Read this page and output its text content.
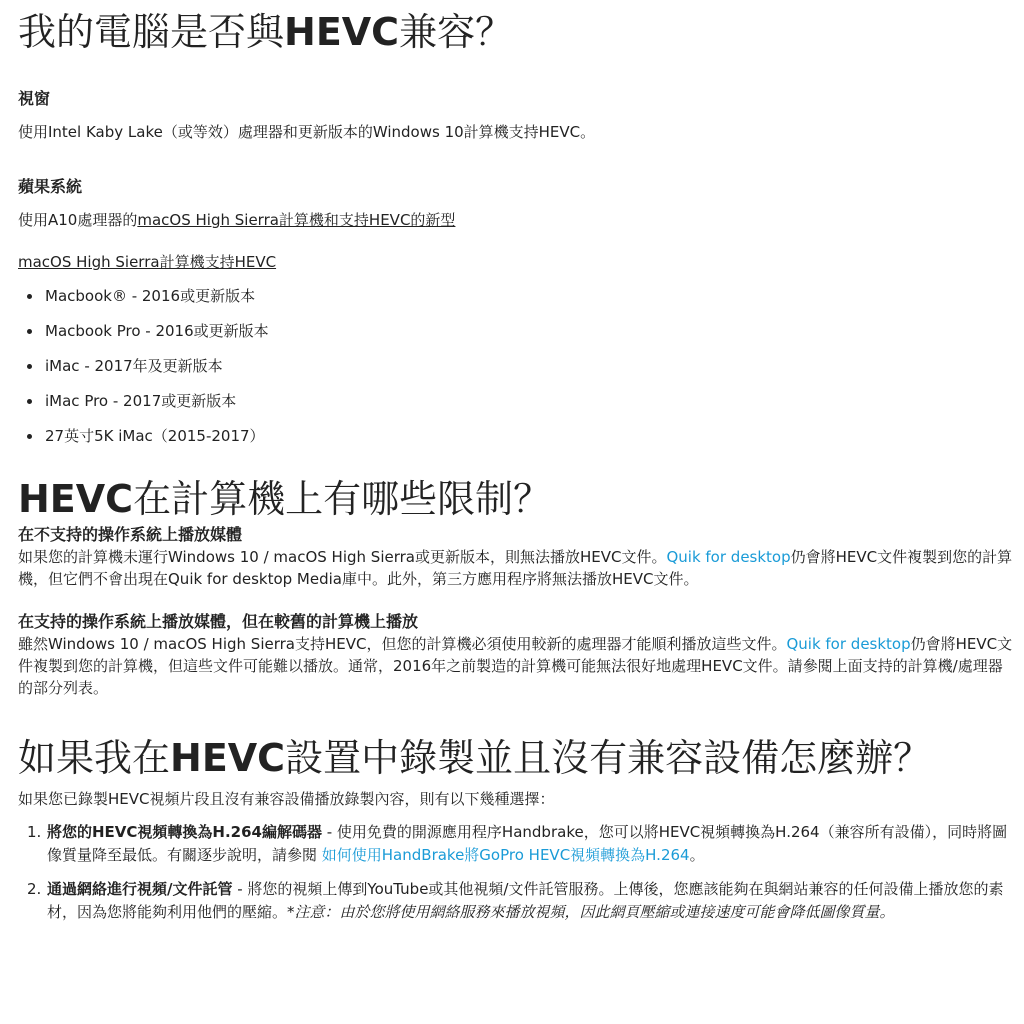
我的電腦是否與HEVC兼容？
視窗
使用Intel Kaby Lake（或等效）處理器和更新版本的Windows 10計算機支持HEVC。
蘋果系統
使用A10處理器的macOS High Sierra計算機和支持HEVC的新型
macOS High Sierra計算機支持HEVC
Macbook® - 2016或更新版本
Macbook Pro - 2016或更新版本
iMac - 2017年及更新版本
iMac Pro - 2017或更新版本
27英寸5K iMac（2015-2017）
HEVC在計算機上有哪些限制？
在不支持的操作系統上播放媒體
如果您的計算機未運行Windows 10 / macOS High Sierra或更新版本，則無法播放HEVC文件。Quik for desktop仍會將HEVC文件複製到您的計算機，但它們不會出現在Quik for desktop Media庫中。此外，第三方應用程序將無法播放HEVC文件。
在支持的操作系統上播放媒體，但在較舊的計算機上播放
雖然Windows 10 / macOS High Sierra支持HEVC，但您的計算機必須使用較新的處理器才能順利播放這些文件。Quik for desktop仍會將HEVC文件複製到您的計算機，但這些文件可能難以播放。通常，2016年之前製造的計算機可能無法很好地處理HEVC文件。請參閱上面支持的計算機/處理器的部分列表。
如果我在HEVC設置中錄製並且沒有兼容設備怎麼辦？
如果您已錄製HEVC視頻片段且沒有兼容設備播放錄製內容，則有以下幾種選擇：
1. 將您的HEVC視頻轉換為H.264編解碼器 - 使用免費的開源應用程序Handbrake，您可以將HEVC視頻轉換為H.264（兼容所有設備），同時將圖像質量降至最低。有關逐步說明，請參閱 如何使用HandBrake將GoPro HEVC視頻轉換為H.264。
2. 通過網絡進行視頻/文件託管 - 將您的視頻上傳到YouTube或其他視頻/文件託管服務。上傳後，您應該能夠在與網站兼容的任何設備上播放您的素材，因為您將能夠利用他們的壓縮。*注意：由於您將使用網絡服務來播放視頻，因此網頁壓縮或連接速度可能會降低圖像質量。
